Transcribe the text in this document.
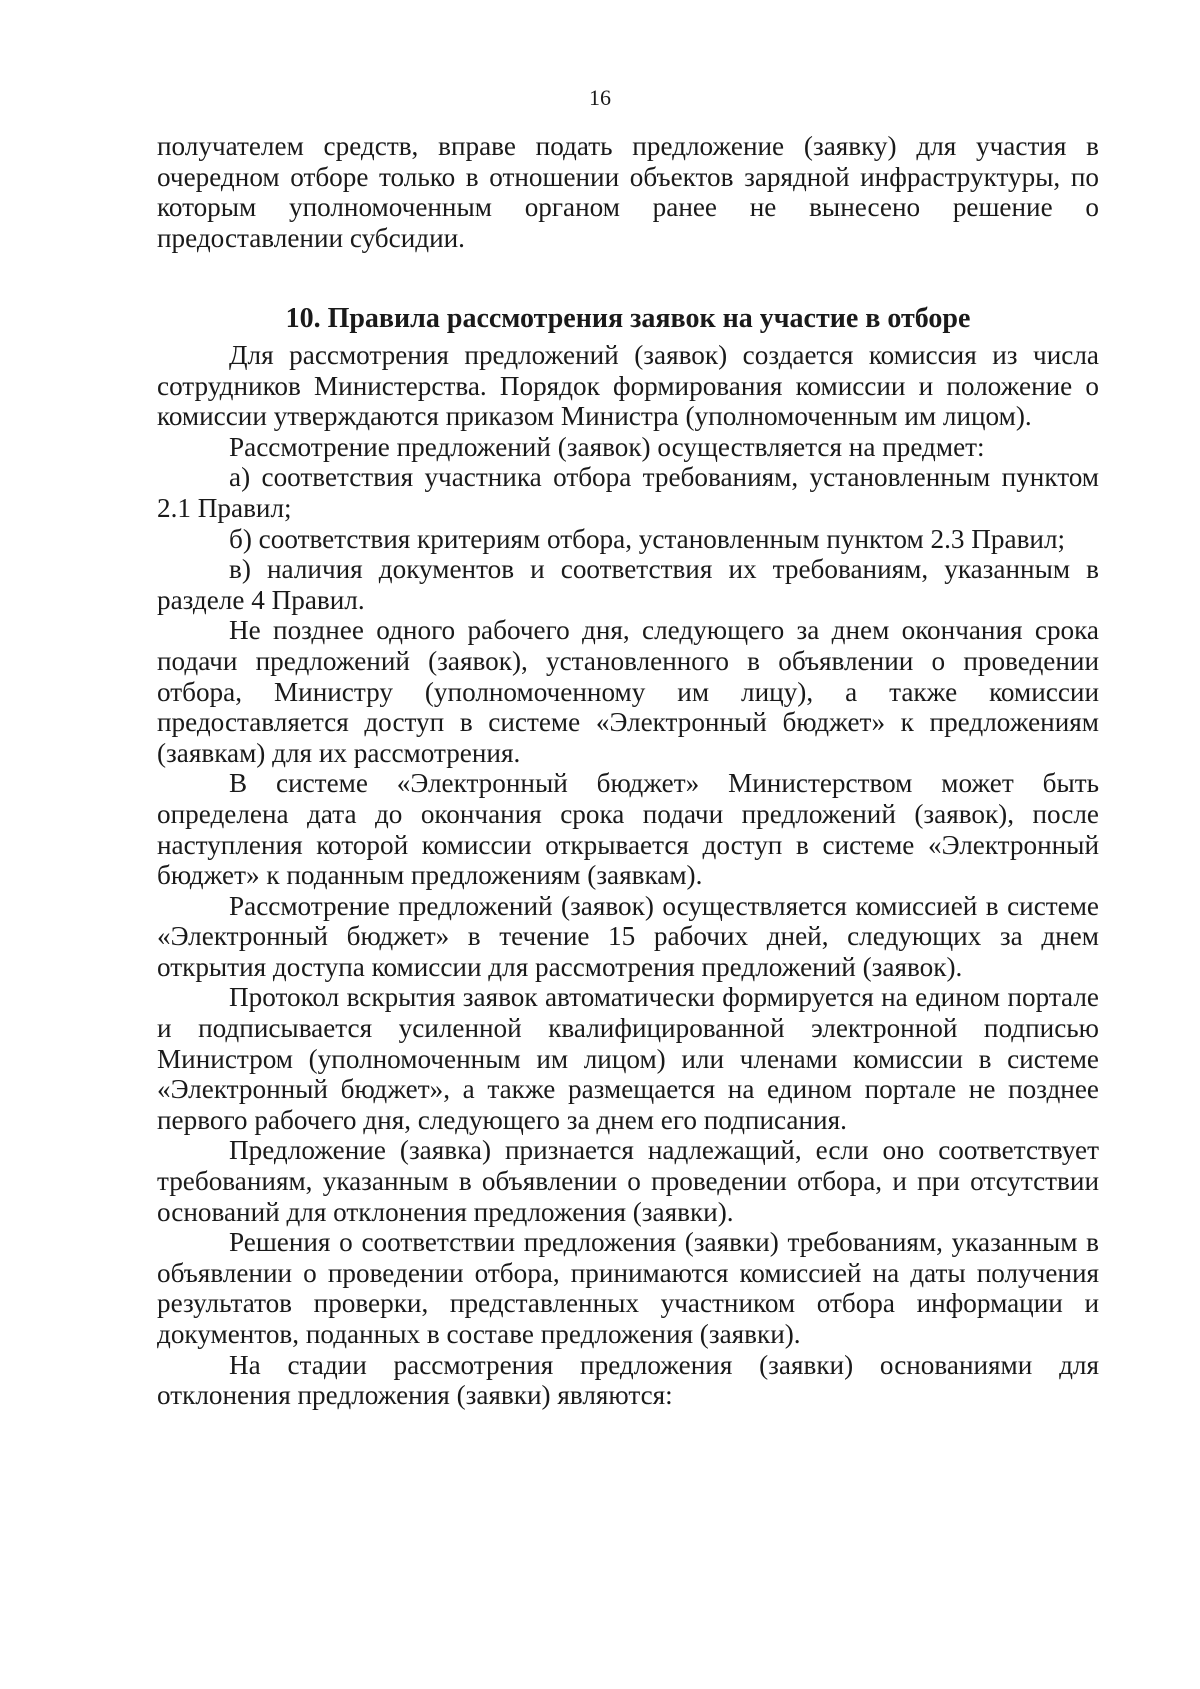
16

получателем средств, вправе подать предложение (заявку) для участия в очередном отборе только в отношении объектов зарядной инфраструктуры, по которым уполномоченным органом ранее не вынесено решение о предоставлении субсидии.

10. Правила рассмотрения заявок на участие в отборе

Для рассмотрения предложений (заявок) создается комиссия из числа сотрудников Министерства. Порядок формирования комиссии и положение о комиссии утверждаются приказом Министра (уполномоченным им лицом).

Рассмотрение предложений (заявок) осуществляется на предмет:

а) соответствия участника отбора требованиям, установленным пунктом 2.1 Правил;

б) соответствия критериям отбора, установленным пунктом 2.3 Правил;

в) наличия документов и соответствия их требованиям, указанным в разделе 4 Правил.

Не позднее одного рабочего дня, следующего за днем окончания срока подачи предложений (заявок), установленного в объявлении о проведении отбора, Министру (уполномоченному им лицу), а также комиссии предоставляется доступ в системе «Электронный бюджет» к предложениям (заявкам) для их рассмотрения.

В системе «Электронный бюджет» Министерством может быть определена дата до окончания срока подачи предложений (заявок), после наступления которой комиссии открывается доступ в системе «Электронный бюджет» к поданным предложениям (заявкам).

Рассмотрение предложений (заявок) осуществляется комиссией в системе «Электронный бюджет» в течение 15 рабочих дней, следующих за днем открытия доступа комиссии для рассмотрения предложений (заявок).

Протокол вскрытия заявок автоматически формируется на едином портале и подписывается усиленной квалифицированной электронной подписью Министром (уполномоченным им лицом) или членами комиссии в системе «Электронный бюджет», а также размещается на едином портале не позднее первого рабочего дня, следующего за днем его подписания.

Предложение (заявка) признается надлежащий, если оно соответствует требованиям, указанным в объявлении о проведении отбора, и при отсутствии оснований для отклонения предложения (заявки).

Решения о соответствии предложения (заявки) требованиям, указанным в объявлении о проведении отбора, принимаются комиссией на даты получения результатов проверки, представленных участником отбора информации и документов, поданных в составе предложения (заявки).

На стадии рассмотрения предложения (заявки) основаниями для отклонения предложения (заявки) являются:
